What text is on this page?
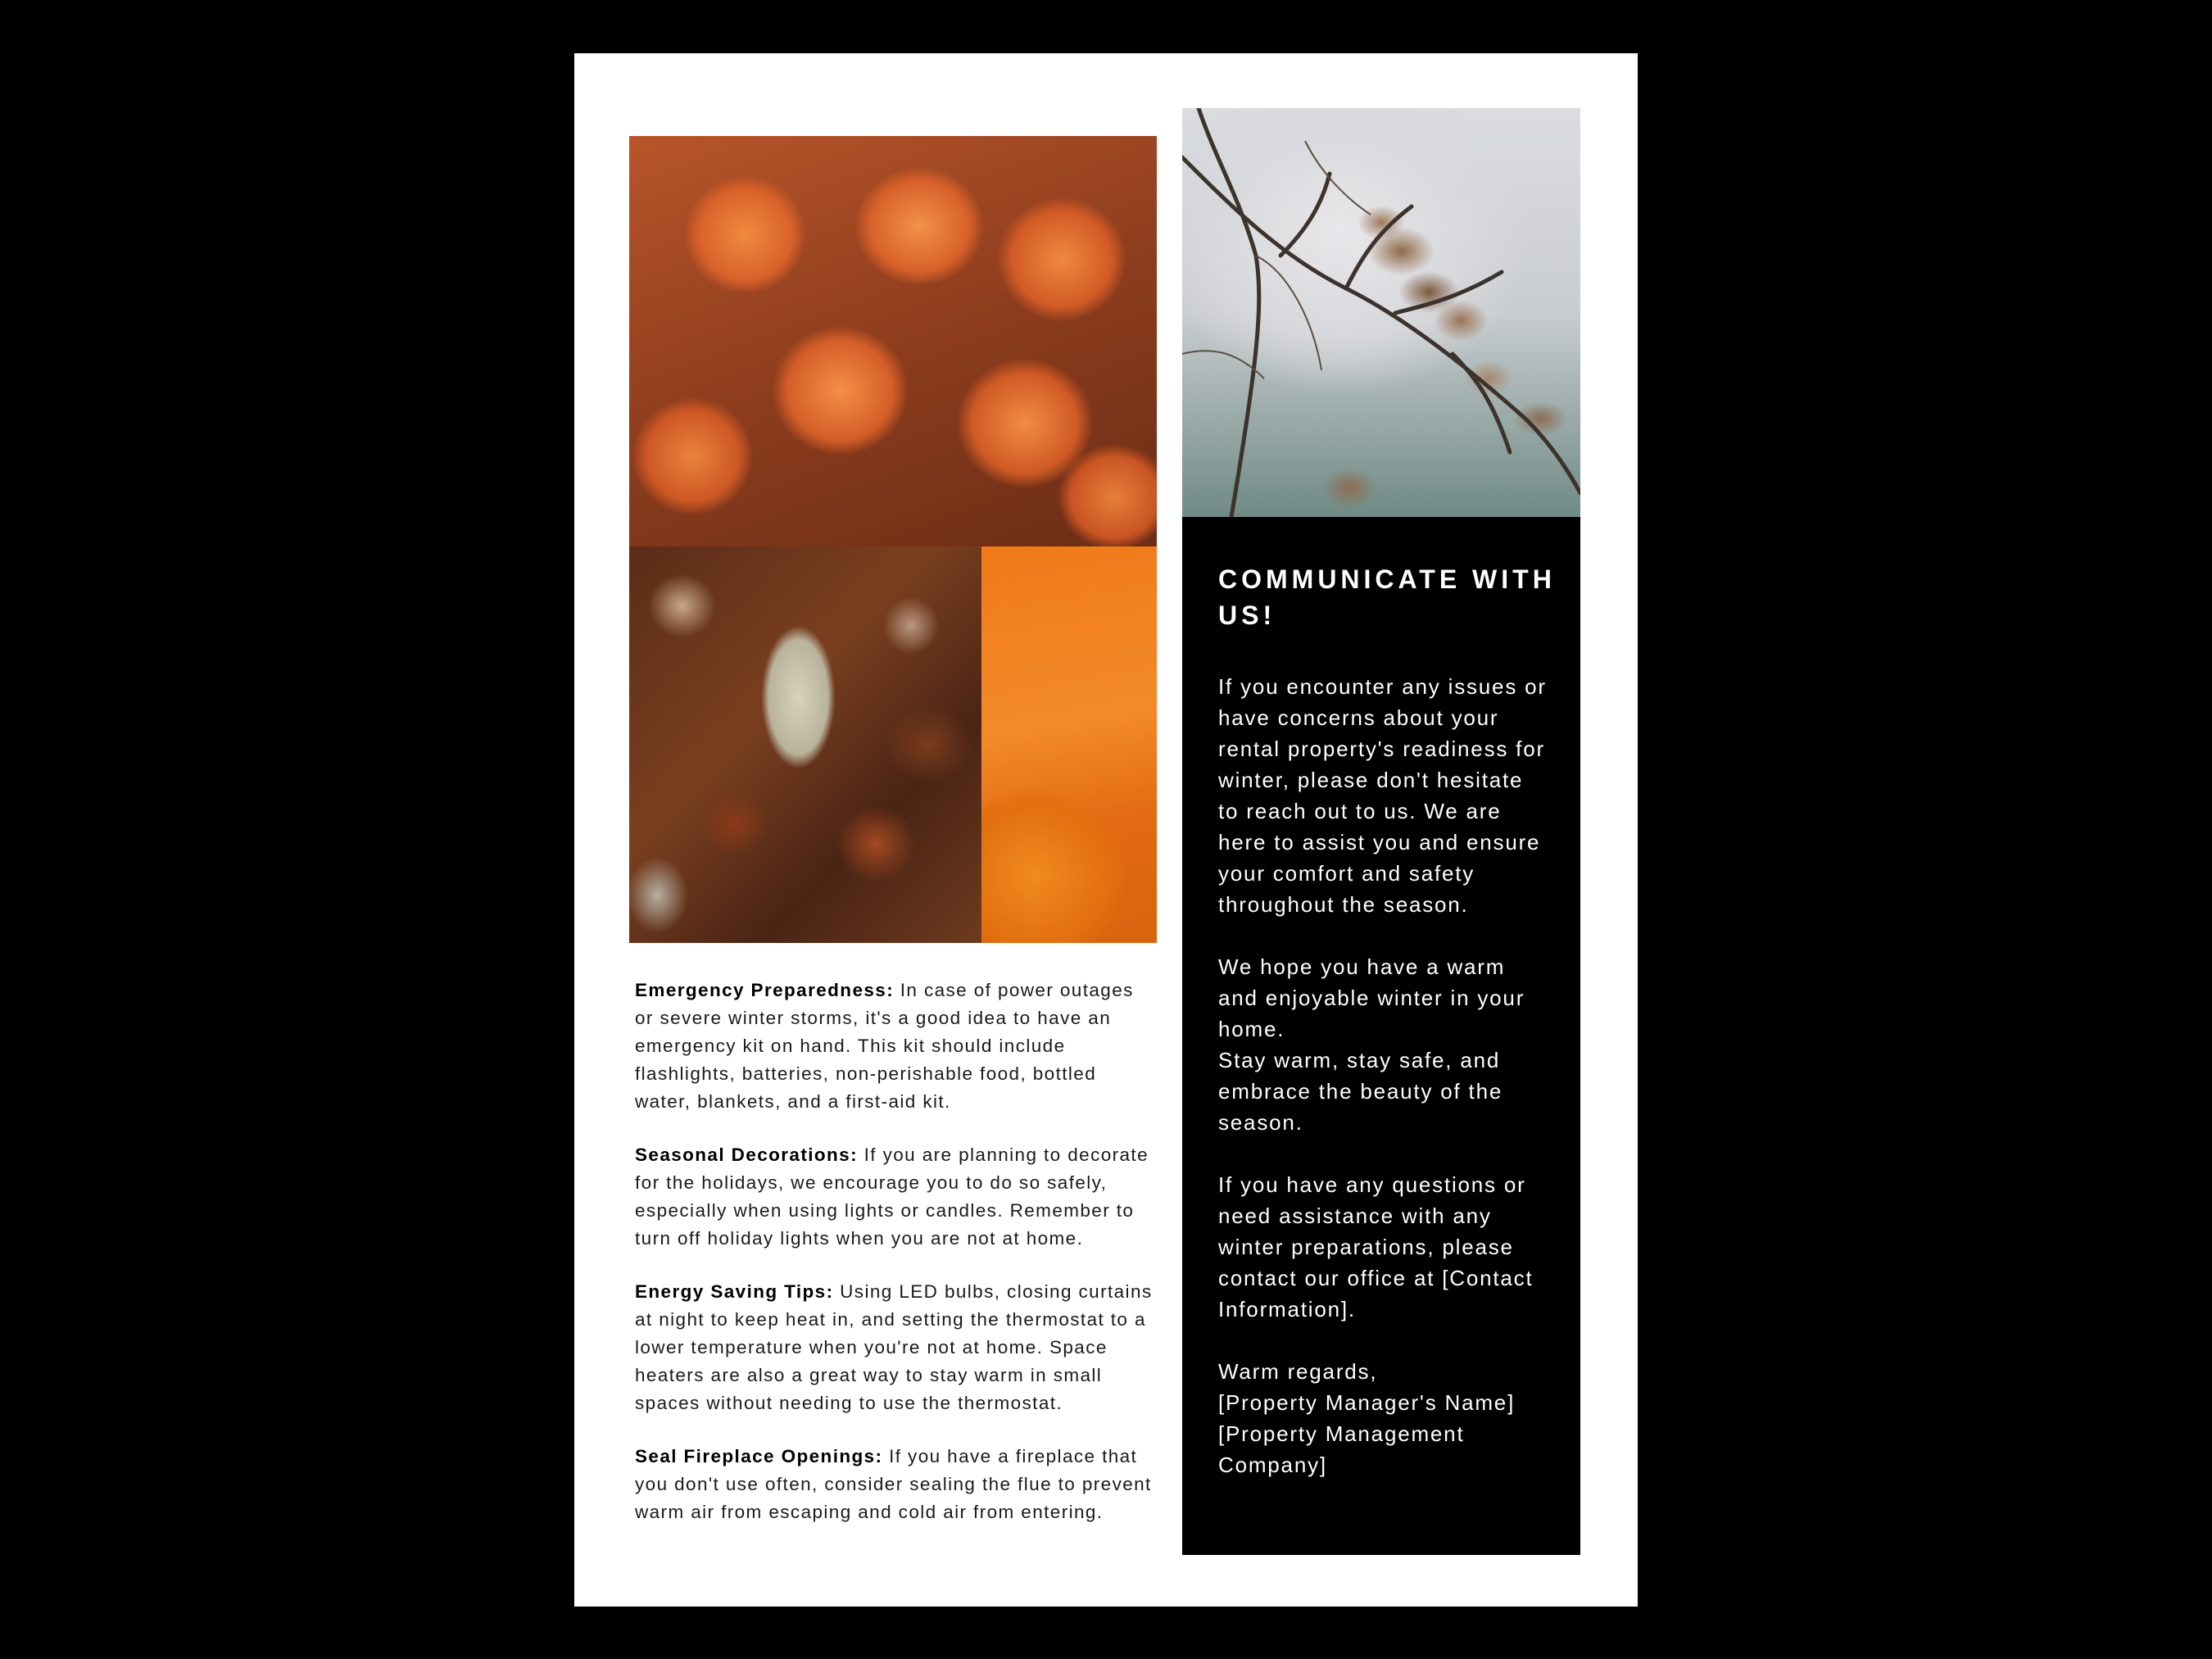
Emergency Preparedness: In case of power outages or severe winter storms, it's a good idea to have an emergency kit on hand. This kit should include flashlights, batteries, non-perishable food, bottled water, blankets, and a first-aid kit.

Seasonal Decorations: If you are planning to decorate for the holidays, we encourage you to do so safely, especially when using lights or candles. Remember to turn off holiday lights when you are not at home.

Energy Saving Tips: Using LED bulbs, closing curtains at night to keep heat in, and setting the thermostat to a lower temperature when you're not at home. Space heaters are also a great way to stay warm in small spaces without needing to use the thermostat.

Seal Fireplace Openings: If you have a fireplace that you don't use often, consider sealing the flue to prevent warm air from escaping and cold air from entering.

COMMUNICATE WITH US!

If you encounter any issues or have concerns about your rental property's readiness for winter, please don't hesitate to reach out to us. We are here to assist you and ensure your comfort and safety throughout the season.

We hope you have a warm and enjoyable winter in your home.

Stay warm, stay safe, and embrace the beauty of the season.

If you have any questions or need assistance with any winter preparations, please contact our office at [Contact Information].

Warm regards,

[Property Manager's Name] [Property Management Company]
